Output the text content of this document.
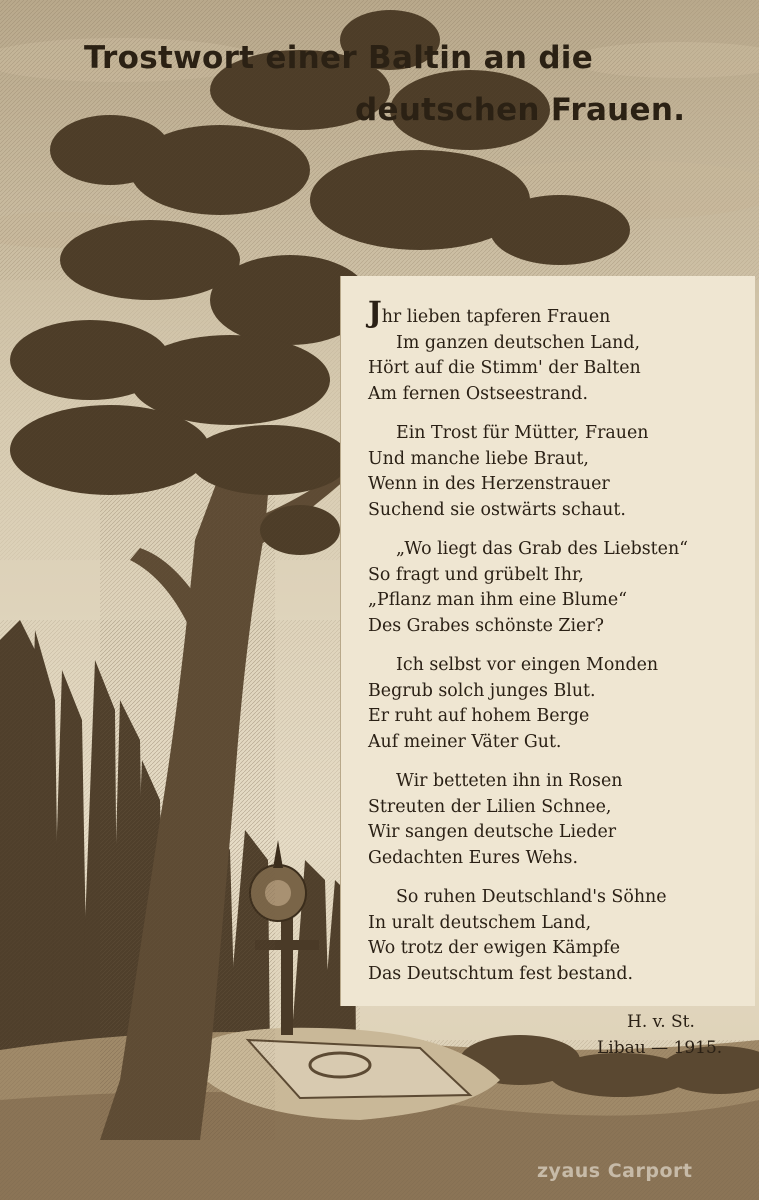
Trostwort einer Baltin an die
deutschen Frauen.
Jhr lieben tapferen Frauen
Im ganzen deutschen Land,
Hört auf die Stimm' der Balten
Am fernen Ostseestrand.
Ein Trost für Mütter, Frauen
Und manche liebe Braut,
Wenn in des Herzenstrauer
Suchend sie ostwärts schaut.
„Wo liegt das Grab des Liebsten“
So fragt und grübelt Ihr,
„Pflanz man ihm eine Blume“
Des Grabes schönste Zier?
Ich selbst vor eingen Monden
Begrub solch junges Blut.
Er ruht auf hohem Berge
Auf meiner Väter Gut.
Wir betteten ihn in Rosen
Streuten der Lilien Schnee,
Wir sangen deutsche Lieder
Gedachten Eures Wehs.
So ruhen Deutschland's Söhne
In uralt deutschem Land,
Wo trotz der ewigen Kämpfe
Das Deutschtum fest bestand.
H. v. St.
Libau — 1915.
zyaus Carport
